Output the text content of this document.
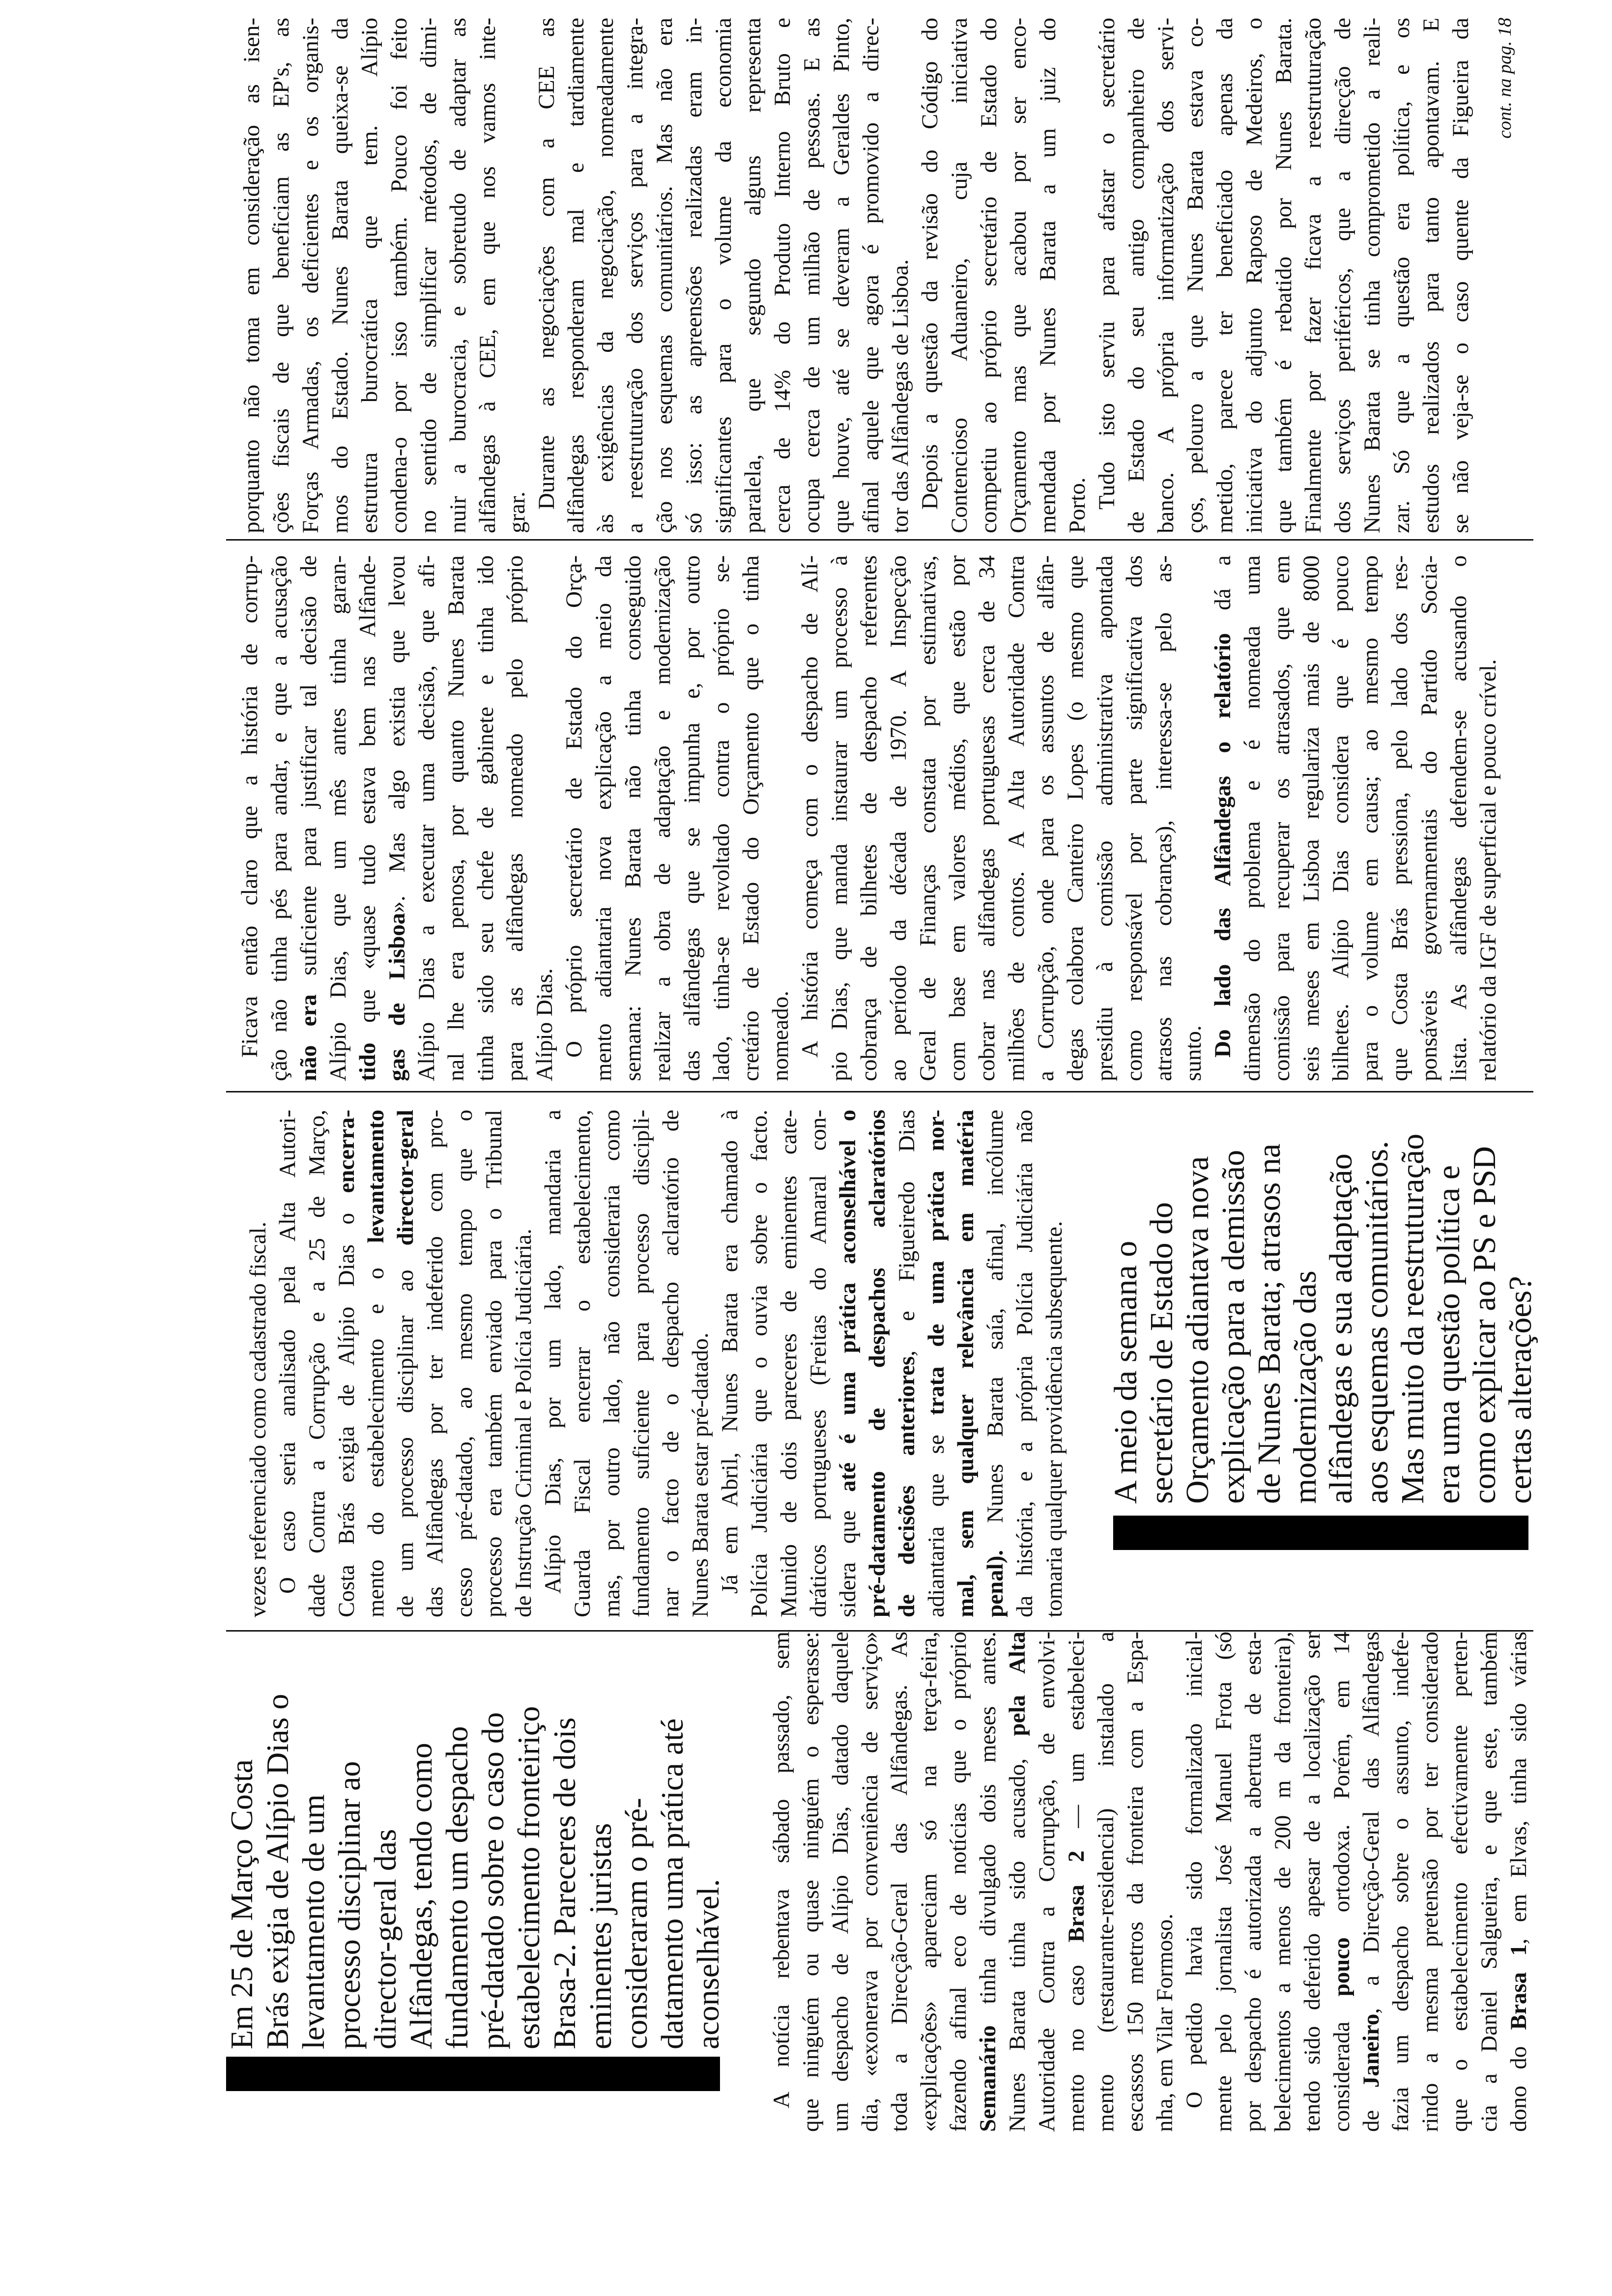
Em 25 de Março Costa Brás exigia de Alípio Dias o levantamento de um processo disciplinar ao director-geral das Alfândegas, tendo como fundamento um despacho pré-datado sobre o caso do estabelecimento fronteiriço Brasa-2. Pareceres de dois eminentes juristas consideraram o pré- datamento uma prática até aconselhável. A notícia rebentava sábado passado, sem que ninguém ou quase ninguém o esperasse: um despacho de Alípio Dias, datado daquele dia, «exonerava por conveniência de serviço» toda a Direcção-Geral das Alfândegas. As «explicações» apareciam só na terça-feira, fazendo afinal eco de notícias que o próprio Semanário tinha divulgado dois meses antes. Nunes Barata tinha sido acusado, pela Alta Autoridade Contra a Corrupção, de envolvi- mento no caso Brasa 2 — um estabeleci- mento (restaurante-residencial) instalado a escassos 150 metros da fronteira com a Espa- nha, em Vilar Formoso. O pedido havia sido formalizado inicial- mente pelo jornalista José Manuel Frota (só por despacho é autorizada a abertura de esta- belecimentos a menos de 200 m da fronteira), tendo sido deferido apesar de a localização ser considerada pouco ortodoxa. Porém, em 14
de Janeiro, a Direcção-Geral das Alfândegas fazia um despacho sobre o assunto, indefe- rindo a mesma pretensão por ter considerado que o estabelecimento efectivamente perten- cia a Daniel Salgueira, e que este, também dono do Brasa 1, em Elvas, tinha sido várias
vezes referenciado como cadastrado fiscal. O caso seria analisado pela Alta Autori- dade Contra a Corrupção e a 25 de Março, Costa Brás exigia de Alípio Dias o encerra-
mento do estabelecimento e o levantamento
de um processo disciplinar ao director-geral das Alfândegas por ter indeferido com pro- cesso pré-datado, ao mesmo tempo que o processo era também enviado para o Tribunal de Instrução Criminal e Polícia Judiciária. Alípio Dias, por um lado, mandaria a Guarda Fiscal encerrar o estabelecimento, mas, por outro lado, não consideraria como fundamento suficiente para processo discipli- nar o facto de o despacho aclaratório de Nunes Barata estar pré-datado. Já em Abril, Nunes Barata era chamado à Polícia Judiciária que o ouvia sobre o facto. Munido de dois pareceres de eminentes cate- dráticos portugueses (Freitas do Amaral con- sidera que até é uma prática aconselhável o pré-datamento de despachos aclaratórios de decisões anteriores, e Figueiredo Dias
adiantaria que se trata de uma prática nor- mal, sem qualquer relevância em matéria penal). Nunes Barata saía, afinal, incólume da história, e a própria Polícia Judiciária não tomaria qualquer providência subsequente. A meio da semana o secretário de Estado do Orçamento adiantava nova explicação para a demissão de Nunes Barata; atrasos na modernização das alfândegas e sua adaptação aos esquemas comunitários. Mas muito da reestruturação era uma questão política e como explicar ao PS e PSD certas alterações?
Ficava então claro que a história de corrup- ção não tinha pés para andar, e que a acusação não era suficiente para justificar tal decisão de Alípio Dias, que um mês antes tinha garan- tido que «quase tudo estava bem nas Alfânde- gas de Lisboa». Mas algo existia que levou Alípio Dias a executar uma decisão, que afi- nal lhe era penosa, por quanto Nunes Barata tinha sido seu chefe de gabinete e tinha ido para as alfândegas nomeado pelo próprio Alípio Dias. O próprio secretário de Estado do Orça- mento adiantaria nova explicação a meio da semana: Nunes Barata não tinha conseguido realizar a obra de adaptação e modernização das alfândegas que se impunha e, por outro lado, tinha-se revoltado contra o próprio se- cretário de Estado do Orçamento que o tinha nomeado. A história começa com o despacho de Alí- pio Dias, que manda instaurar um processo à cobrança de bilhetes de despacho referentes ao período da década de 1970. A Inspecção Geral de Finanças constata por estimativas, com base em valores médios, que estão por cobrar nas alfândegas portuguesas cerca de 34 milhões de contos. A Alta Autoridade Contra a Corrupção, onde para os assuntos de alfân- degas colabora Canteiro Lopes (o mesmo que presidiu à comissão administrativa apontada como responsável por parte significativa dos atrasos nas cobranças), interessa-se pelo as- sunto. Do lado das Alfândegas o relatório dá a dimensão do problema e é nomeada uma comissão para recuperar os atrasados, que em seis meses em Lisboa regulariza mais de 8000 bilhetes. Alípio Dias considera que é pouco para o volume em causa; ao mesmo tempo que Costa Brás pressiona, pelo lado dos res- ponsáveis governamentais do Partido Socia- lista. As alfândegas defendem-se acusando o relatório da IGF de superficial e pouco crível.
porquanto não toma em consideração as isen- ções fiscais de que beneficiam as EP's, as Forças Armadas, os deficientes e os organis- mos do Estado. Nunes Barata queixa-se da estrutura burocrática que tem. Alípio condena-o por isso também. Pouco foi feito no sentido de simplificar métodos, de dimi- nuir a burocracia, e sobretudo de adaptar as alfândegas à CEE, em que nos vamos inte- grar.
Durante as negociações com a CEE as alfândegas responderam mal e tardiamente às exigências da negociação, nomeadamente a reestruturação dos serviços para a integra- ção nos esquemas comunitários. Mas não era só isso: as apreensões realizadas eram in- significantes para o volume da economia paralela, que segundo alguns representa cerca de 14% do Produto Interno Bruto e ocupa cerca de um milhão de pessoas. E as que houve, até se deveram a Geraldes Pinto, afinal aquele que agora é promovido a direc- tor das Alfândegas de Lisboa. Depois a questão da revisão do Código do Contencioso Aduaneiro, cuja iniciativa competiu ao próprio secretário de Estado do Orçamento mas que acabou por ser enco- mendada por Nunes Barata a um juiz do Porto. Tudo isto serviu para afastar o secretário de Estado do seu antigo companheiro de banco. A própria informatização dos servi- ços, pelouro a que Nunes Barata estava co- metido, parece ter beneficiado apenas da iniciativa do adjunto Raposo de Medeiros, o que também é rebatido por Nunes Barata. Finalmente por fazer ficava a reestruturação dos serviços periféricos, que a direcção de Nunes Barata se tinha comprometido a reali- zar. Só que a questão era política, e os estudos realizados para tanto apontavam. E se não veja-se o caso quente da Figueira da cont. na pag. 18
